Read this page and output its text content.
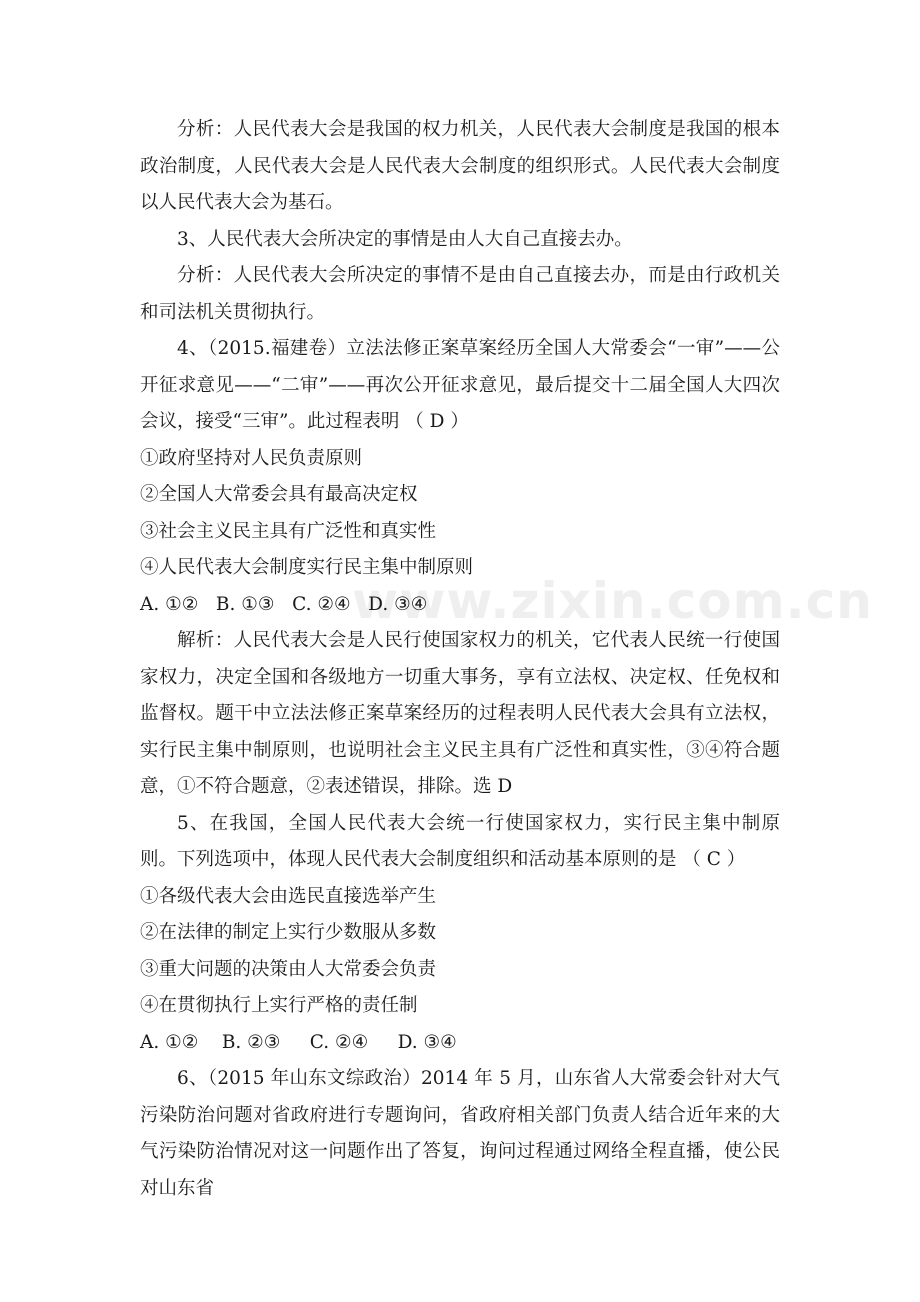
www.zixin.com.cn

分析：人民代表大会是我国的权力机关，人民代表大会制度是我国的根本政治制度，人民代表大会是人民代表大会制度的组织形式。人民代表大会制度以人民代表大会为基石。

3、人民代表大会所决定的事情是由人大自己直接去办。

分析：人民代表大会所决定的事情不是由自己直接去办，而是由行政机关和司法机关贯彻执行。

4、（2015.福建卷）立法法修正案草案经历全国人大常委会“一审”——公开征求意见——“二审”——再次公开征求意见，最后提交十二届全国人大四次会议，接受“三审”。此过程表明 （ D ）

①政府坚持对人民负责原则

②全国人大常委会具有最高决定权

③社会主义民主具有广泛性和真实性

④人民代表大会制度实行民主集中制原则

A. ①②   B. ①③   C. ②④   D. ③④

解析：人民代表大会是人民行使国家权力的机关，它代表人民统一行使国家权力，决定全国和各级地方一切重大事务，享有立法权、决定权、任免权和监督权。题干中立法法修正案草案经历的过程表明人民代表大会具有立法权，实行民主集中制原则，也说明社会主义民主具有广泛性和真实性，③④符合题意，①不符合题意，②表述错误，排除。选 D

5、在我国，全国人民代表大会统一行使国家权力，实行民主集中制原则。下列选项中，体现人民代表大会制度组织和活动基本原则的是 （ C ）

①各级代表大会由选民直接选举产生

②在法律的制定上实行少数服从多数

③重大问题的决策由人大常委会负责

④在贯彻执行上实行严格的责任制

A. ①②    B. ②③     C. ②④     D. ③④

6、（2015 年山东文综政治）2014 年 5 月，山东省人大常委会针对大气污染防治问题对省政府进行专题询问，省政府相关部门负责人结合近年来的大气污染防治情况对这一问题作出了答复，询问过程通过网络全程直播，使公民对山东省
